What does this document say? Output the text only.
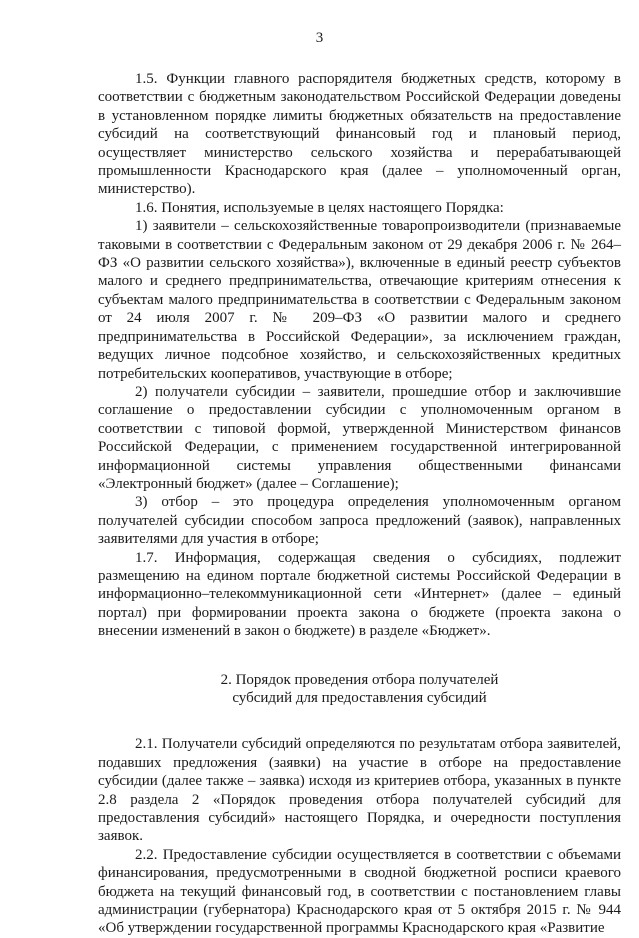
3

1.5. Функции главного распорядителя бюджетных средств, которому в соответствии с бюджетным законодательством Российской Федерации доведены в установленном порядке лимиты бюджетных обязательств на предоставление субсидий на соответствующий финансовый год и плановый период, осуществляет министерство сельского хозяйства и перерабатывающей промышленности Краснодарского края (далее – уполномоченный орган, министерство).

1.6. Понятия, используемые в целях настоящего Порядка:

1) заявители – сельскохозяйственные товаропроизводители (признаваемые таковыми в соответствии с Федеральным законом от 29 декабря 2006 г. № 264–ФЗ «О развитии сельского хозяйства»), включенные в единый реестр субъектов малого и среднего предпринимательства, отвечающие критериям отнесения к субъектам малого предпринимательства в соответствии с Федеральным законом от 24 июля 2007 г. № 209–ФЗ «О развитии малого и среднего предпринимательства в Российской Федерации», за исключением граждан, ведущих личное подсобное хозяйство, и сельскохозяйственных кредитных потребительских кооперативов, участвующие в отборе;

2) получатели субсидии – заявители, прошедшие отбор и заключившие соглашение о предоставлении субсидии с уполномоченным органом в соответствии с типовой формой, утвержденной Министерством финансов Российской Федерации, с применением государственной интегрированной информационной системы управления общественными финансами «Электронный бюджет» (далее – Соглашение);

3) отбор – это процедура определения уполномоченным органом получателей субсидии способом запроса предложений (заявок), направленных заявителями для участия в отборе;

1.7. Информация, содержащая сведения о субсидиях, подлежит размещению на едином портале бюджетной системы Российской Федерации в информационно–телекоммуникационной сети «Интернет» (далее – единый портал) при формировании проекта закона о бюджете (проекта закона о внесении изменений в закон о бюджете) в разделе «Бюджет».

2. Порядок проведения отбора получателей
субсидий для предоставления субсидий

2.1. Получатели субсидий определяются по результатам отбора заявителей, подавших предложения (заявки) на участие в отборе на предоставление субсидии (далее также – заявка) исходя из критериев отбора, указанных в пункте 2.8 раздела 2 «Порядок проведения отбора получателей субсидий для предоставления субсидий» настоящего Порядка, и очередности поступления заявок.

2.2. Предоставление субсидии осуществляется в соответствии с объемами финансирования, предусмотренными в сводной бюджетной росписи краевого бюджета на текущий финансовый год, в соответствии с постановлением главы администрации (губернатора) Краснодарского края от 5 октября 2015 г. № 944 «Об утверждении государственной программы Краснодарского края «Развитие
